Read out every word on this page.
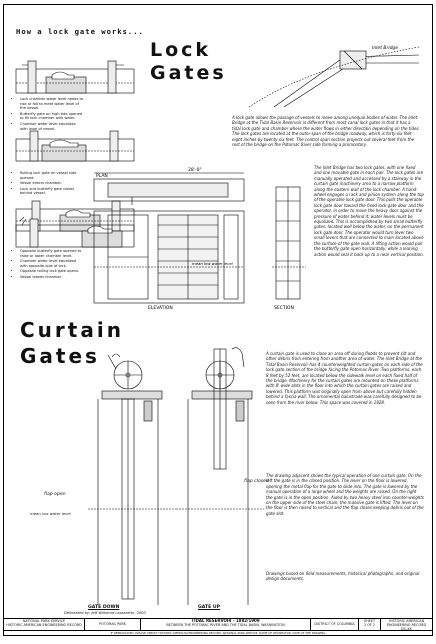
How a lock gate works...
• Lock chamber water level needs to rise or fall to meet water level of the vessel.
• Butterfly gate on high tide opened to fill lock chamber with water.
• Chamber water level equalizes with level of vessel.
• Rolling lock gate on vessel side opened.
• Vessel enters chamber.
• Lock and butterfly gate closes behind vessel.
• Opposite butterfly gate opened to raise or lower chamber level.
• Chamber water level equalized with opposite side of lock.
• Opposite rolling lock gate opens.
• Vessel leaves chamber.
Lock Gates
Inlet Bridge
A lock gate allows the passage of vessels to move among unequal bodies of water. The Inlet Bridge at the Tidal Basin Reservoir is different from most canal lock gates in that it has a tidal lock gate and chamber where the water flows in either direction depending on the tides. The lock gates are located at the outer span of the bridge roadway, which is forty-six feet eight inches by twenty-six feet. The control span section projects out several feet from the rest of the bridge on the Potomac River side forming a promontory.
PLAN
28'-0"
mean low water level
ELEVATION	SECTION
The Inlet Bridge has two lock gates, with one fixed and one movable gate in each pair. The lock gates are manually operated and accessed by a stairway in the curtain gate machinery area to a narrow platform along the eastern wall of the lock chamber. A hand-wheel engages a rack and pinion system along the top of the operable lock gate door. This pulls the operable lock gate door toward the fixed lock gate door and the operator, in order to move the heavy door against the pressure of water behind it; water levels must be equalized. This is accomplished by two small butterfly gates, located well below the water, on the permanent lock gate door. The operator would turn lever two small levers that are connected to main located above the surface of the gate wall. A lifting action would pull the butterfly gate open horizontally, while a leaning action would seal it back up to a near vertical position.
Curtain Gates
flap open
mean low water level
GATE DOWN
Delineated by: Jeff Wiltshire Lazzaretto, 2000
flap closed
GATE UP
A curtain gate is used to close an area off during floods to prevent silt and other debris from entering from another area of water. The Inlet Bridge at the Tidal Basin Reservoir has 4 counterweighted curtain gates on each side of the lock gate section of the bridge facing the Potomac River. Two platforms, each 8 feet by 52 feet, are located below the sidewalk level on each fixed half of the bridge. Machinery for the curtain gates are mounted on these platforms with 8' wide slots in the floor into which the curtain gates are raised and lowered. This platform was originally open from above but carefully hidden behind a fascia wall. The ornamental balustrade was carefully designed to be seen from the river below. This space was covered in 1928.
The drawing adjacent shows the typical operation of one curtain gate. On the left the gate is in the closed position. The lever on the floor is lowered, opening the metal flap for the gate to slide into. The gate is lowered by the manual operation of a large wheel and the weights are raised. On the right the gate is in the open position. Aided by two heavy steel iron counter-weights on the upper side of the steel chain, the massive gate is lifted. The lever on the floor is then raised to vertical and the flap closes keeping debris out of the gate slot.
Drawings based on field measurements, historical photographs, and original design documents.
NATIONAL PARK SERVICE
HISTORIC AMERICAN ENGINEERING RECORD	POTOMAC PARK
TIDAL RESERVOIR - 1882/1909
BETWEEN THE POTOMAC RIVER AND THE TIDAL BASIN, WASHINGTON	DISTRICT OF COLUMBIA
SHEET
2 OF 2
HISTORIC AMERICAN ENGINEERING RECORD
DC-XX
IF REPRODUCED, PLEASE CREDIT: HISTORIC AMERICAN ENGINEERING RECORD, NATIONAL PARK SERVICE, NAME OF DELINEATOR, DATE OF THE DRAWING
